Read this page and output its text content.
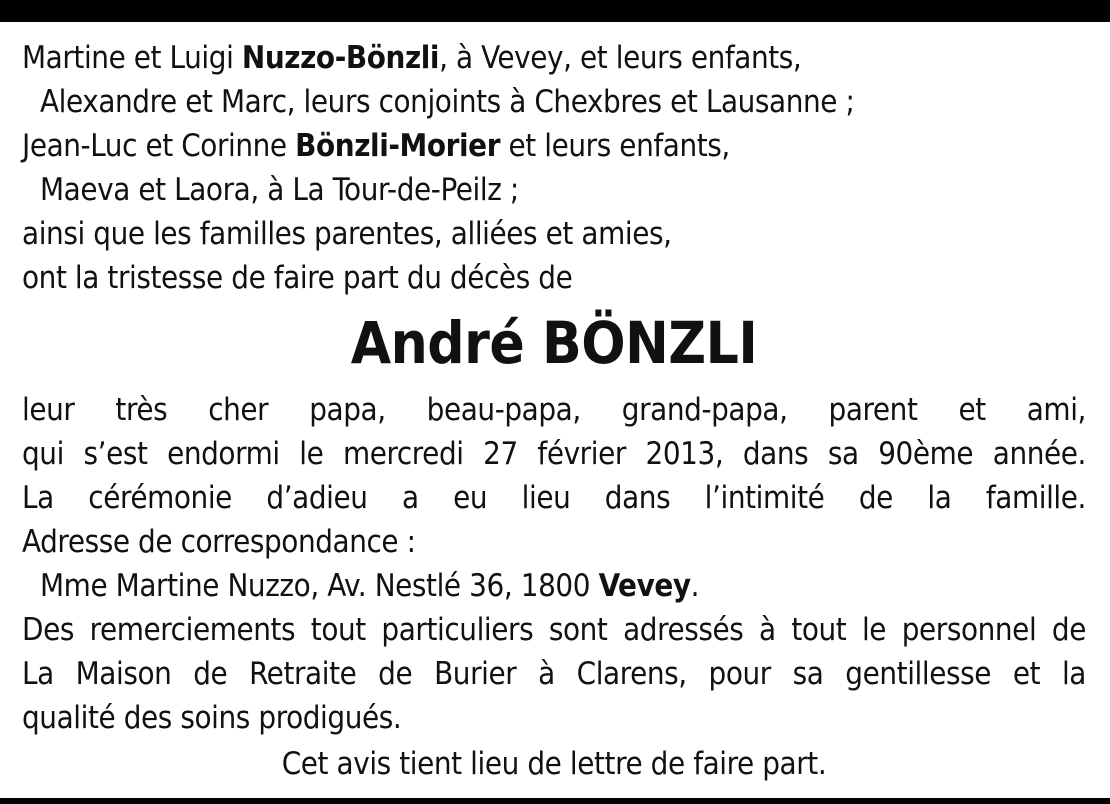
Martine et Luigi Nuzzo-Bönzli, à Vevey, et leurs enfants,
Alexandre et Marc, leurs conjoints à Chexbres et Lausanne ;
Jean-Luc et Corinne Bönzli-Morier et leurs enfants,
Maeva et Laora, à La Tour-de-Peilz ;
ainsi que les familles parentes, alliées et amies,
ont la tristesse de faire part du décès de
André BÖNZLI
leur très cher papa, beau-papa, grand-papa, parent et ami,
qui s’est endormi le mercredi 27 février 2013, dans sa 90ème année.
La cérémonie d’adieu a eu lieu dans l’intimité de la famille.
Adresse de correspondance :
Mme Martine Nuzzo, Av. Nestlé 36, 1800 Vevey.
Des remerciements tout particuliers sont adressés à tout le personnel de
La Maison de Retraite de Burier à Clarens, pour sa gentillesse et la
qualité des soins prodigués.
Cet avis tient lieu de lettre de faire part.
